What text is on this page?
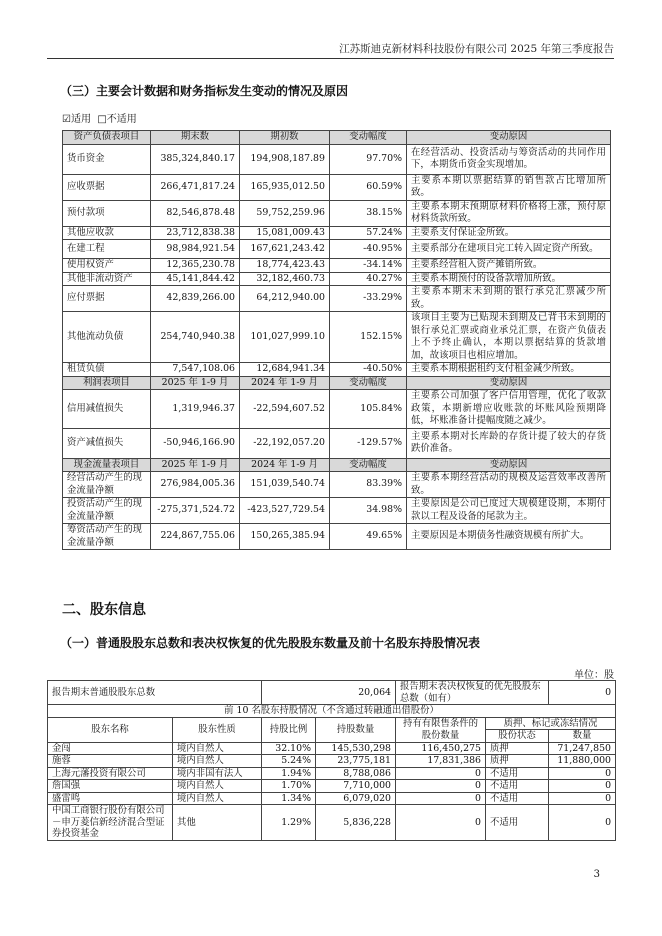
江苏斯迪克新材料科技股份有限公司 2025 年第三季度报告
（三）主要会计数据和财务指标发生变动的情况及原因
☑适用 □不适用
资产负债表项目	期末数	期初数	变动幅度	变动原因
货币资金	385,324,840.17	194,908,187.89	97.70%	在经营活动、投资活动与筹资活动的共同作用下，本期货币资金实现增加。
应收票据	266,471,817.24	165,935,012.50	60.59%	主要系本期以票据结算的销售款占比增加所致。
预付款项	82,546,878.48	59,752,259.96	38.15%	主要系本期末预期原材料价格将上涨，预付原材料货款所致。
其他应收款	23,712,838.38	15,081,009.43	57.24%	主要系支付保证金所致。
在建工程	98,984,921.54	167,621,243.42	-40.95%	主要系部分在建项目完工转入固定资产所致。
使用权资产	12,365,230.78	18,774,423.43	-34.14%	主要系经营租入资产摊销所致。
其他非流动资产	45,141,844.42	32,182,460.73	40.27%	主要系本期预付的设备款增加所致。
应付票据	42,839,266.00	64,212,940.00	-33.29%	主要系本期末未到期的银行承兑汇票减少所致。
其他流动负债	254,740,940.38	101,027,999.10	152.15%	该项目主要为已贴现未到期及已背书未到期的银行承兑汇票或商业承兑汇票，在资产负债表上不予终止确认，本期以票据结算的货款增加，故该项目也相应增加。
租赁负债	7,547,108.06	12,684,941.34	-40.50%	主要系本期根据租约支付租金减少所致。
利润表项目	2025 年 1-9 月	2024 年 1-9 月	变动幅度	变动原因
信用减值损失	1,319,946.37	-22,594,607.52	105.84%	主要系公司加强了客户信用管理，优化了收款政策，本期新增应收账款的坏账风险预期降低，坏账准备计提幅度随之减少。
资产减值损失	-50,946,166.90	-22,192,057.20	-129.57%	主要系本期对长库龄的存货计提了较大的存货跌价准备。
现金流量表项目	2025 年 1-9 月	2024 年 1-9 月	变动幅度	变动原因
经营活动产生的现金流量净额	276,984,005.36	151,039,540.74	83.39%	主要系本期经营活动的规模及运营效率改善所致。
投资活动产生的现金流量净额	-275,371,524.72	-423,527,729.54	34.98%	主要原因是公司已度过大规模建设期，本期付款以工程及设备的尾款为主。
筹资活动产生的现金流量净额	224,867,755.06	150,265,385.94	49.65%	主要原因是本期债务性融资规模有所扩大。
二、股东信息
（一）普通股股东总数和表决权恢复的优先股股东数量及前十名股东持股情况表
单位：股
报告期末普通股股东总数		20,064		报告期末表决权恢复的优先股股东总数（如有）		0
前 10 名股东持股情况（不含通过转融通出借股份）						
股东名称	股东性质	持股比例	持股数量	持有有限售条件的股份数量	质押、标记或冻结情况	
					股份状态	数量
金闯	境内自然人	32.10%	145,530,298	116,450,275	质押	71,247,850
施蓉	境内自然人	5.24%	23,775,181	17,831,386	质押	11,880,000
上海元藩投资有限公司	境内非国有法人	1.94%	8,788,086	0	不适用	0
詹国强	境内自然人	1.70%	7,710,000	0	不适用	0
盛雷鸣	境内自然人	1.34%	6,079,020	0	不适用	0
中国工商银行股份有限公司－申万菱信新经济混合型证券投资基金	其他	1.29%	5,836,228	0	不适用	0
3
